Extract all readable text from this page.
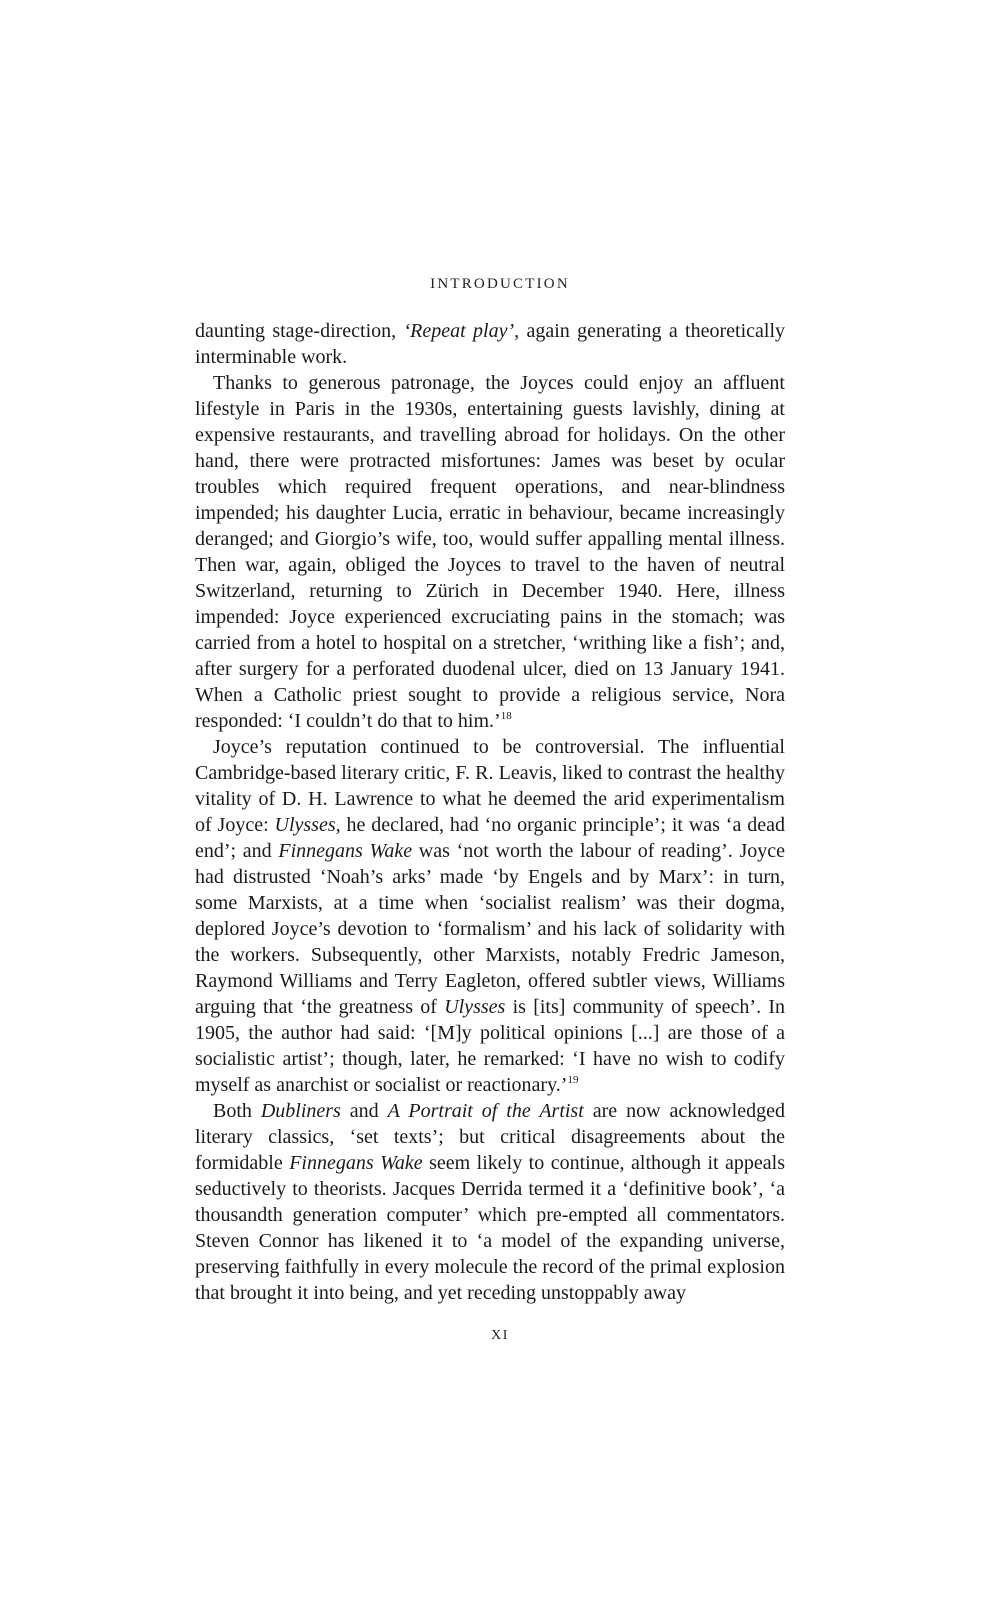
INTRODUCTION

daunting stage-direction, ‘Repeat play’, again generating a theoretically interminable work.

Thanks to generous patronage, the Joyces could enjoy an affluent lifestyle in Paris in the 1930s, entertaining guests lavishly, dining at expensive restaurants, and travelling abroad for holidays. On the other hand, there were protracted misfortunes: James was beset by ocular troubles which required frequent operations, and near-blindness impended; his daughter Lucia, erratic in behaviour, became increasingly deranged; and Giorgio’s wife, too, would suffer appalling mental illness. Then war, again, obliged the Joyces to travel to the haven of neutral Switzerland, returning to Zürich in December 1940. Here, illness impended: Joyce experienced excruciating pains in the stomach; was carried from a hotel to hospital on a stretcher, ‘writhing like a fish’; and, after surgery for a perforated duodenal ulcer, died on 13 January 1941. When a Catholic priest sought to provide a religious service, Nora responded: ‘I couldn’t do that to him.’$^{18}$

Joyce’s reputation continued to be controversial. The influential Cambridge-based literary critic, F. R. Leavis, liked to contrast the healthy vitality of D. H. Lawrence to what he deemed the arid experimentalism of Joyce: Ulysses, he declared, had ‘no organic principle’; it was ‘a dead end’; and Finnegans Wake was ‘not worth the labour of reading’. Joyce had distrusted ‘Noah’s arks’ made ‘by Engels and by Marx’: in turn, some Marxists, at a time when ‘socialist realism’ was their dogma, deplored Joyce’s devotion to ‘formalism’ and his lack of solidarity with the workers. Subsequently, other Marxists, notably Fredric Jameson, Raymond Williams and Terry Eagleton, offered subtler views, Williams arguing that ‘the greatness of Ulysses is [its] community of speech’. In 1905, the author had said: ‘[M]y political opinions [...] are those of a socialistic artist’; though, later, he remarked: ‘I have no wish to codify myself as anarchist or socialist or reactionary.’$^{19}$

Both Dubliners and A Portrait of the Artist are now acknowledged literary classics, ‘set texts’; but critical disagreements about the formidable Finnegans Wake seem likely to continue, although it appeals seductively to theorists. Jacques Derrida termed it a ‘definitive book’, ‘a thousandth generation computer’ which pre-empted all commentators. Steven Connor has likened it to ‘a model of the expanding universe, preserving faithfully in every molecule the record of the primal explosion that brought it into being, and yet receding unstoppably away

XI
